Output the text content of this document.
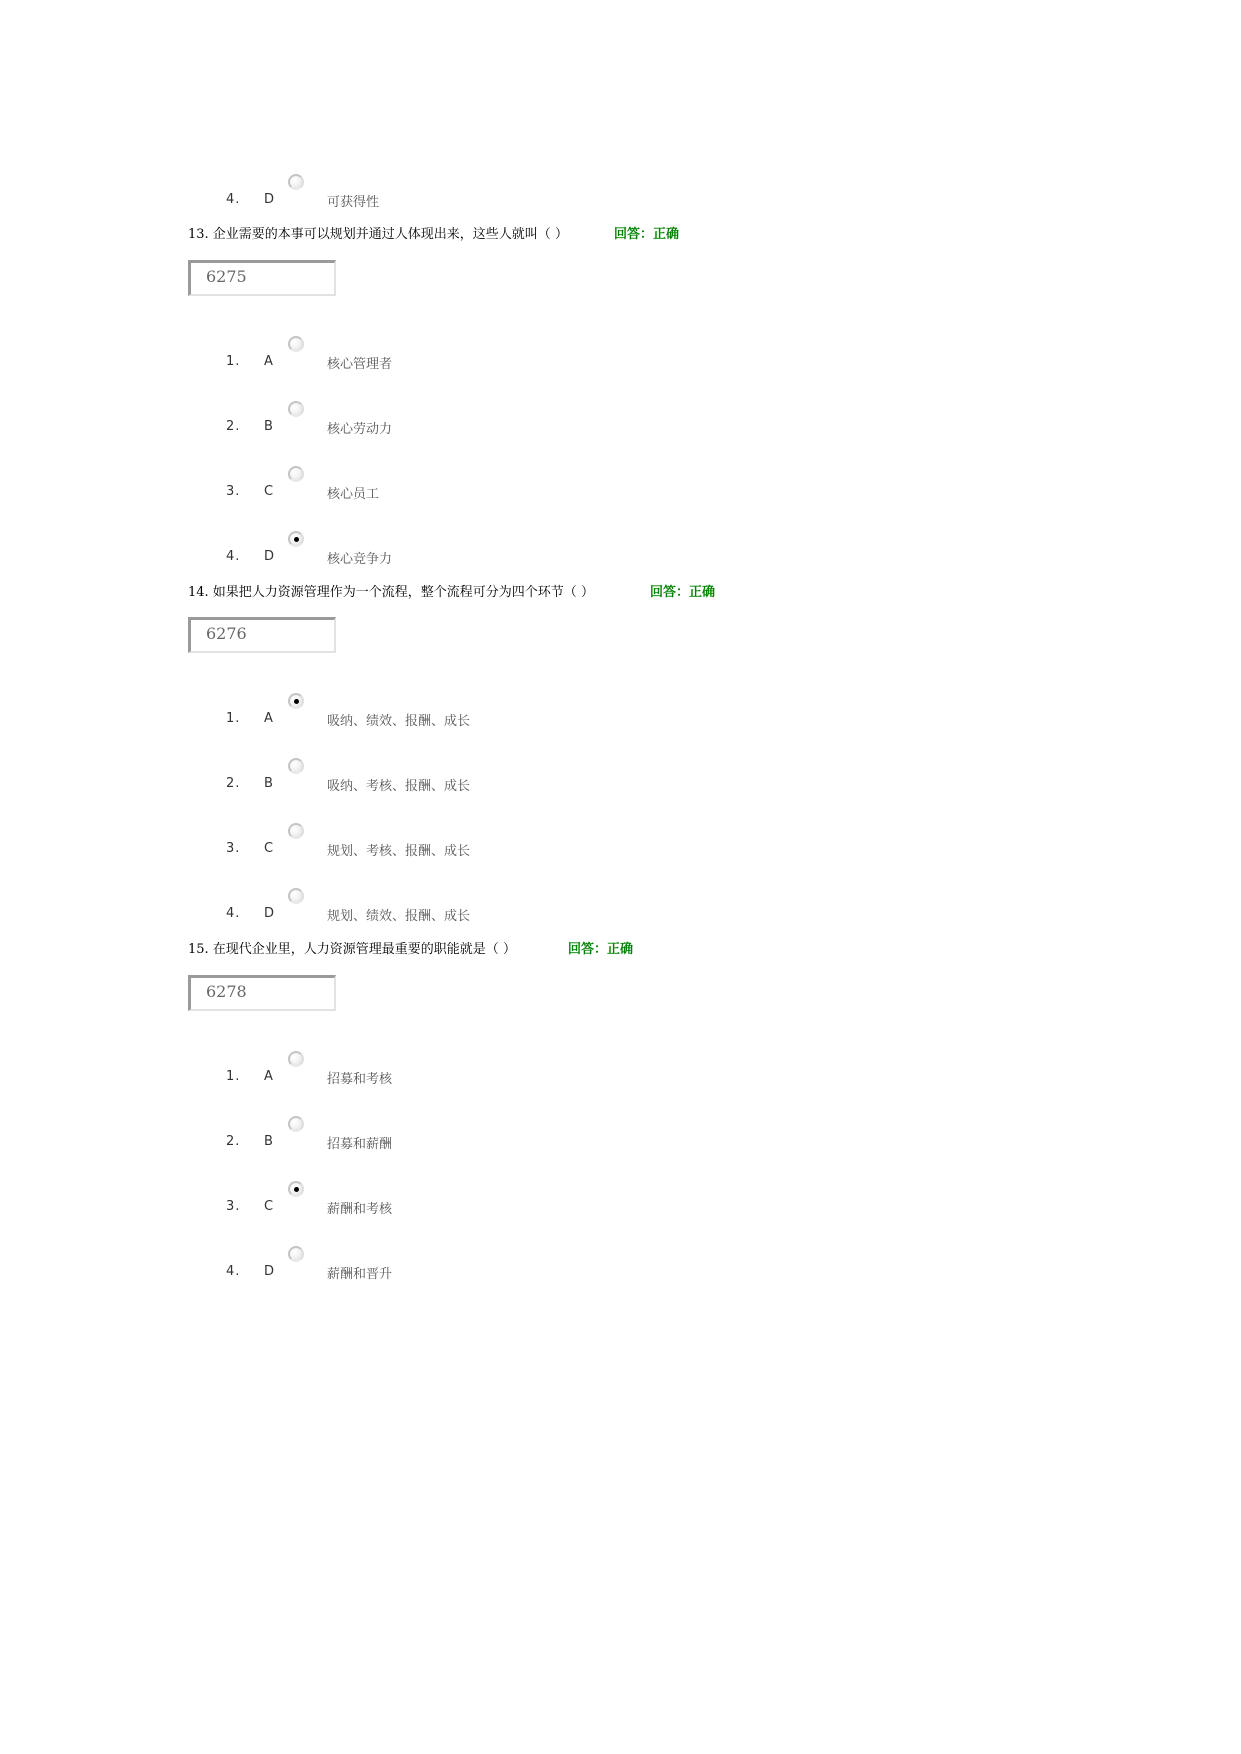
4. D	可获得性
13. 企业需要的本事可以规划并通过人体现出来，这些人就叫（ ）	回答：正确
6275
1. A	核心管理者
2. B	核心劳动力
3. C	核心员工
4. D	核心竞争力
14. 如果把人力资源管理作为一个流程，整个流程可分为四个环节（ ）	回答：正确
6276
1. A	吸纳、绩效、报酬、成长
2. B	吸纳、考核、报酬、成长
3. C	规划、考核、报酬、成长
4. D	规划、绩效、报酬、成长
15. 在现代企业里，人力资源管理最重要的职能就是（ ）	回答：正确
6278
1. A	招募和考核
2. B	招募和薪酬
3. C	薪酬和考核
4. D	薪酬和晋升
